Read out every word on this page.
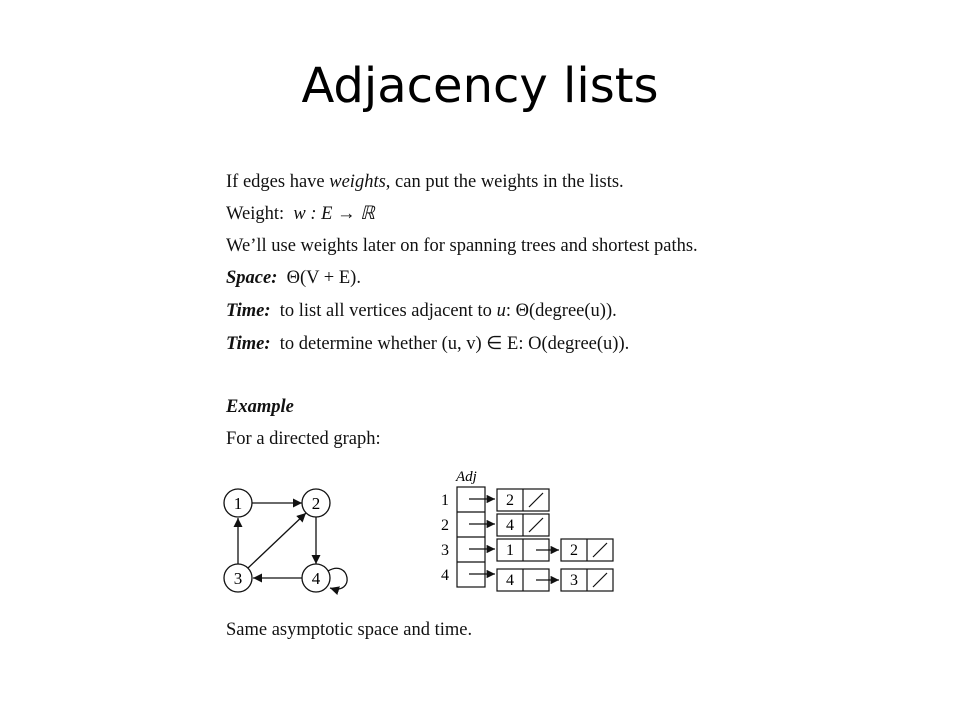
Adjacency lists
If edges have weights, can put the weights in the lists.
Weight: w : E → ℝ
We’ll use weights later on for spanning trees and shortest paths.
Space: Θ(V + E).
Time: to list all vertices adjacent to u: Θ(degree(u)).
Time: to determine whether (u, v) ∈ E: O(degree(u)).
Example
For a directed graph:
Same asymptotic space and time.
1	2
3	4
Adj
1
2
3
4
2
4
1	2
4	3
